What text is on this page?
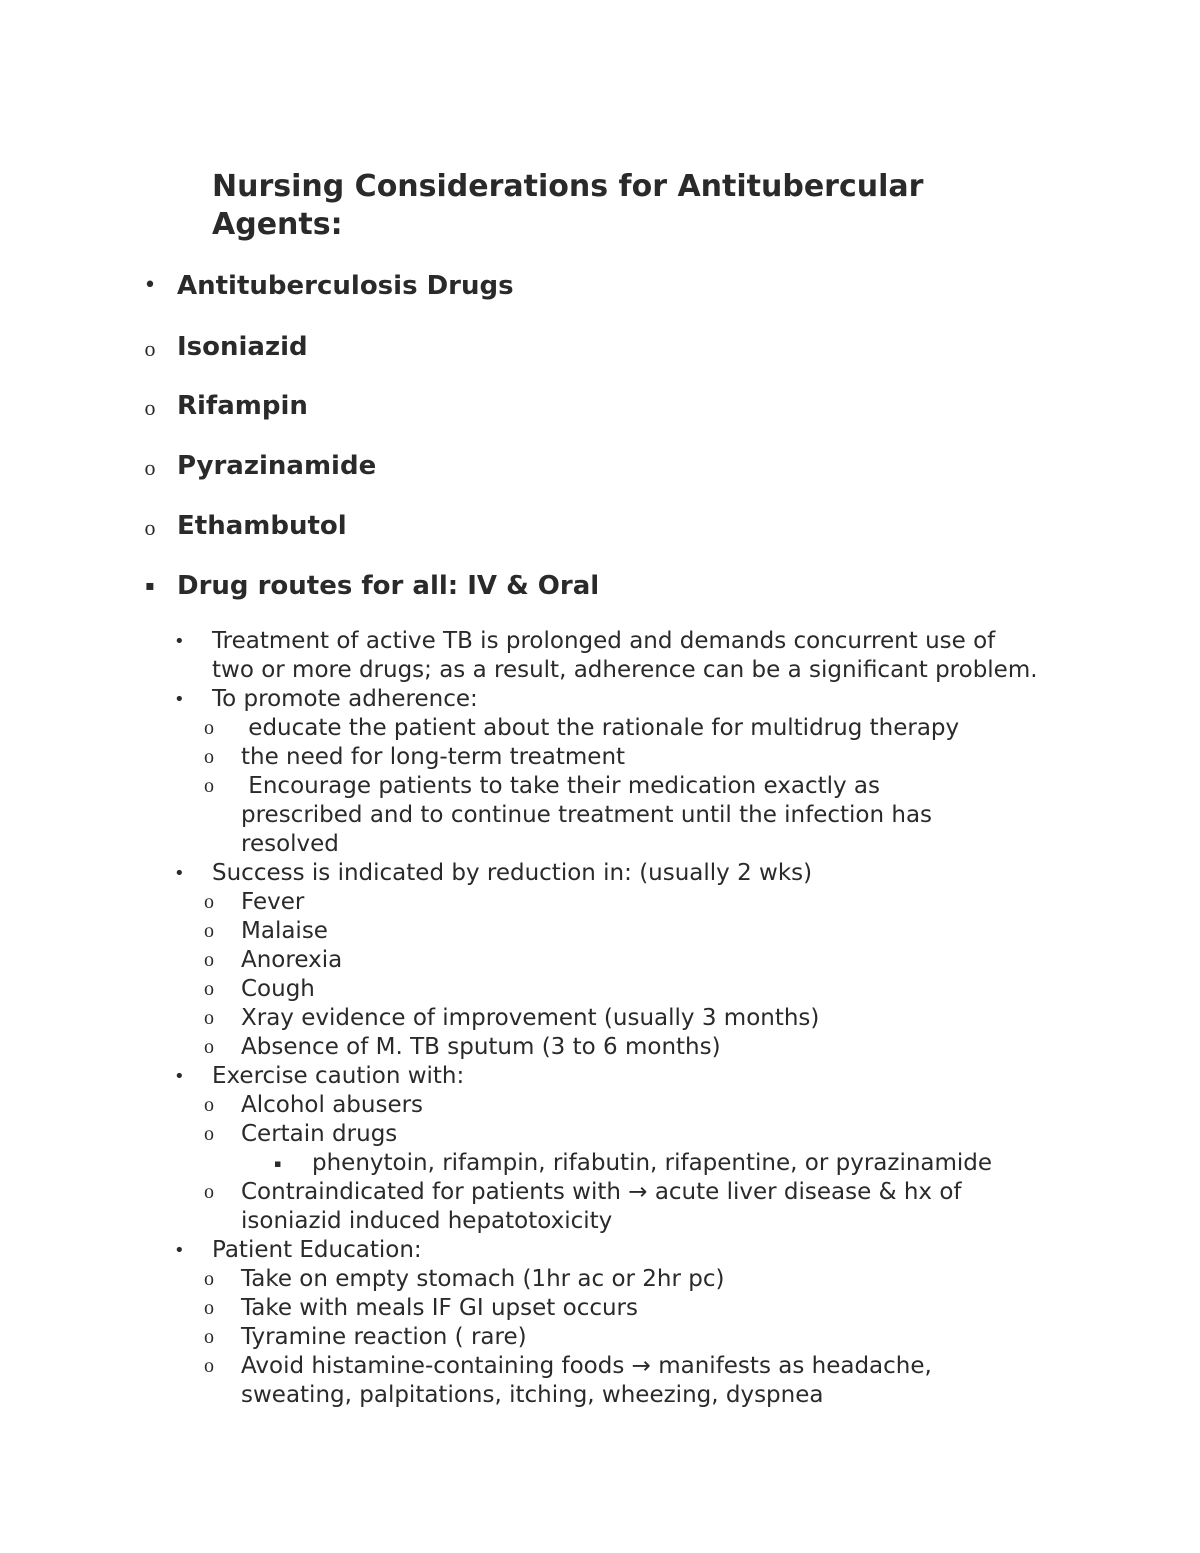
Nursing Considerations for Antitubercular Agents:
• Antituberculosis Drugs
o Isoniazid
o Rifampin
o Pyrazinamide
o Ethambutol
▪ Drug routes for all: IV & Oral
• Treatment of active TB is prolonged and demands concurrent use of
two or more drugs; as a result, adherence can be a significant problem.
• To promote adherence:
o educate the patient about the rationale for multidrug therapy
o the need for long-term treatment
o Encourage patients to take their medication exactly as
prescribed and to continue treatment until the infection has
resolved
• Success is indicated by reduction in: (usually 2 wks)
o Fever
o Malaise
o Anorexia
o Cough
o Xray evidence of improvement (usually 3 months)
o Absence of M. TB sputum (3 to 6 months)
• Exercise caution with:
o Alcohol abusers
o Certain drugs
▪ phenytoin, rifampin, rifabutin, rifapentine, or pyrazinamide
o Contraindicated for patients with → acute liver disease & hx of
isoniazid induced hepatotoxicity
• Patient Education:
o Take on empty stomach (1hr ac or 2hr pc)
o Take with meals IF GI upset occurs
o Tyramine reaction ( rare)
o Avoid histamine-containing foods → manifests as headache,
sweating, palpitations, itching, wheezing, dyspnea
